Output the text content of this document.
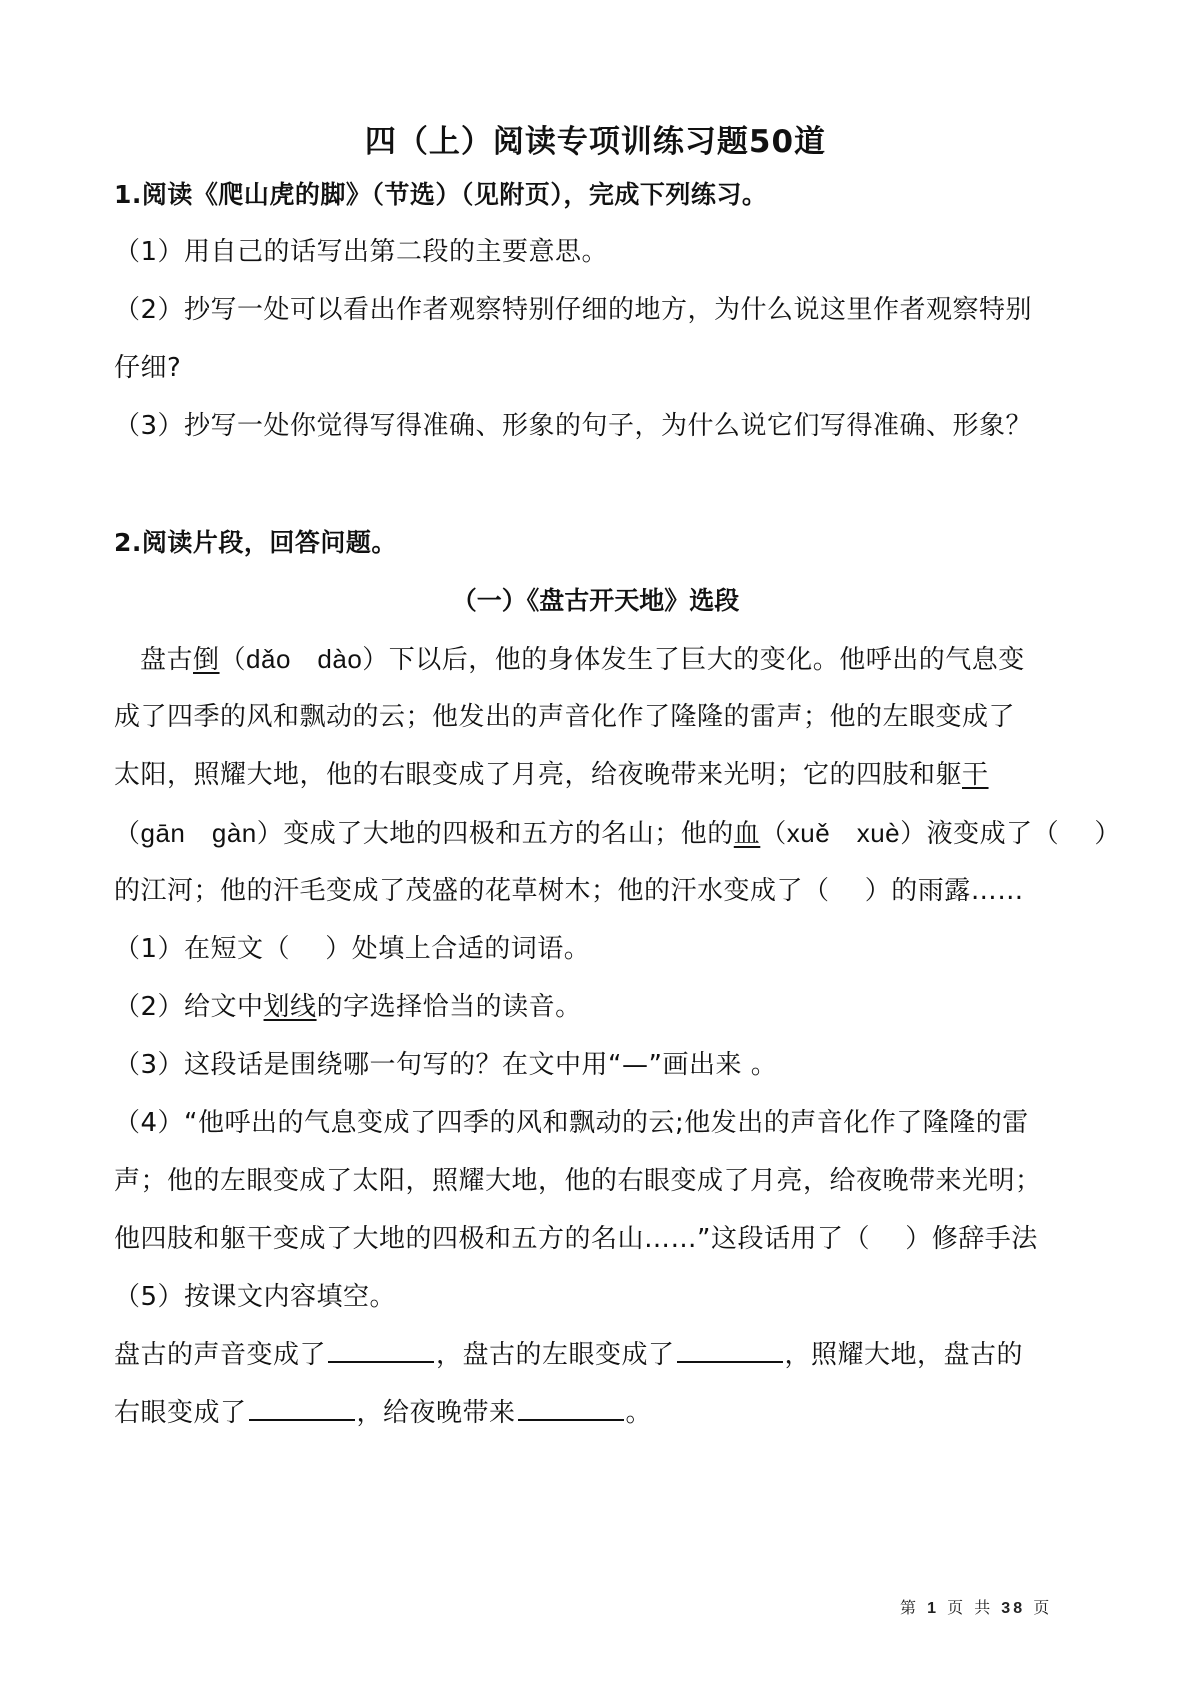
四（上）阅读专项训练习题50道
1.阅读《爬山虎的脚》（节选）（见附页），完成下列练习。
（1）用自己的话写出第二段的主要意思。
（2）抄写一处可以看出作者观察特别仔细的地方，为什么说这里作者观察特别
仔细?
（3）抄写一处你觉得写得准确、形象的句子，为什么说它们写得准确、形象？
2.阅读片段，回答问题。
（一）《盘古开天地》选段
盘古倒（dǎo　dào）下以后，他的身体发生了巨大的变化。他呼出的气息变
成了四季的风和飘动的云；他发出的声音化作了隆隆的雷声；他的左眼变成了
太阳，照耀大地，他的右眼变成了月亮，给夜晚带来光明；它的四肢和躯干
（gān　gàn）变成了大地的四极和五方的名山；他的血（xuě　xuè）液变成了（　 ）
的江河；他的汗毛变成了茂盛的花草树木；他的汗水变成了（　 ）的雨露……
（1）在短文（　 ）处填上合适的词语。
（2）给文中划线的字选择恰当的读音。
（3）这段话是围绕哪一句写的？在文中用“—”画出来 。
（4）“他呼出的气息变成了四季的风和飘动的云;他发出的声音化作了隆隆的雷
声；他的左眼变成了太阳，照耀大地，他的右眼变成了月亮，给夜晚带来光明；
他四肢和躯干变成了大地的四极和五方的名山……”这段话用了（　 ）修辞手法
（5）按课文内容填空。
盘古的声音变成了	，盘古的左眼变成了	，照耀大地，盘古的
右眼变成了	，给夜晚带来	。
第 1 页 共 38 页
